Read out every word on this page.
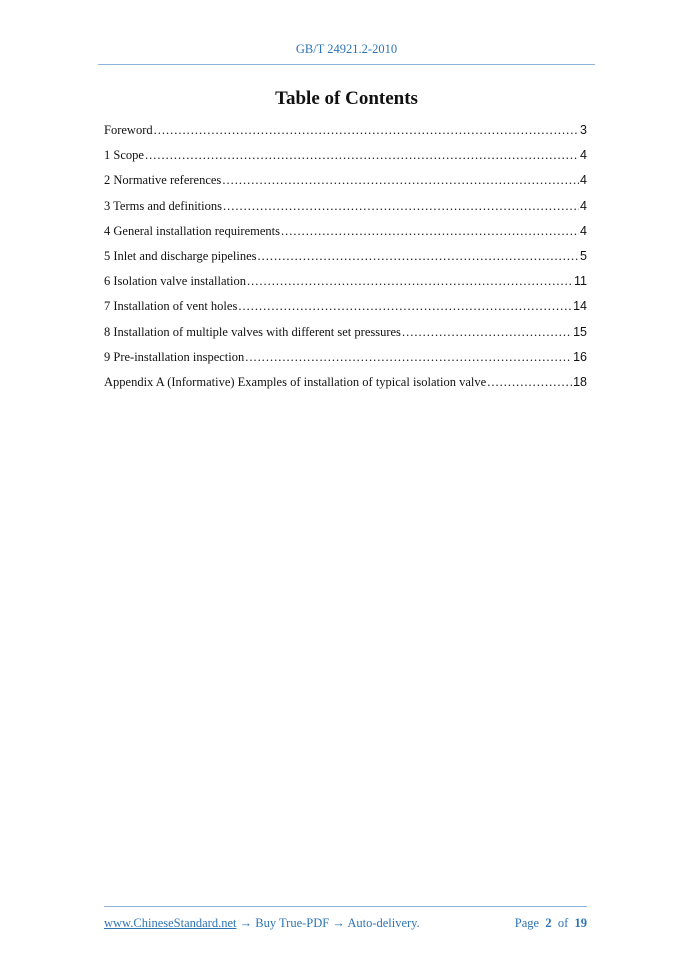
GB/T 24921.2-2010
Table of Contents
Foreword .....	3
1 Scope .....	4
2 Normative references .....	4
3 Terms and definitions .....	4
4 General installation requirements .....	4
5 Inlet and discharge pipelines .....	5
6 Isolation valve installation .....	11
7 Installation of vent holes .....	14
8 Installation of multiple valves with different set pressures .....	15
9 Pre-installation inspection .....	16
Appendix A (Informative) Examples of installation of typical isolation valve .....	18
www.ChineseStandard.net → Buy True-PDF → Auto-delivery.	Page 2 of 19
